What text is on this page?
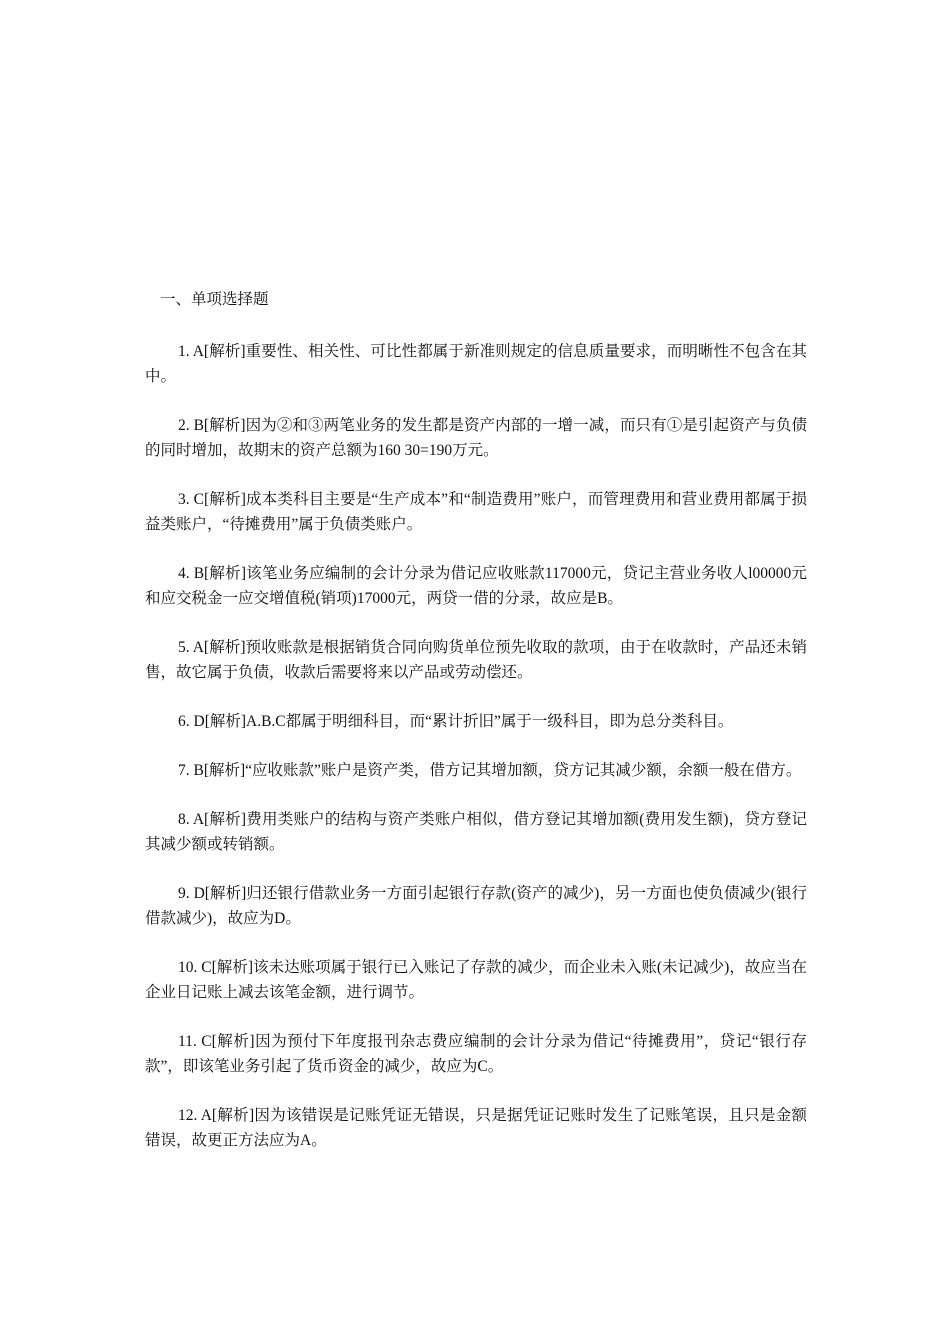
一、单项选择题
1. A[解析]重要性、相关性、可比性都属于新准则规定的信息质量要求，而明晰性不包含在其中。
2. B[解析]因为②和③两笔业务的发生都是资产内部的一增一减，而只有①是引起资产与负债的同时增加，故期末的资产总额为160 30=190万元。
3. C[解析]成本类科目主要是“生产成本”和“制造费用”账户，而管理费用和营业费用都属于损益类账户，“待摊费用”属于负债类账户。
4. B[解析]该笔业务应编制的会计分录为借记应收账款117000元，贷记主营业务收人l00000元和应交税金一应交增值税(销项)17000元，两贷一借的分录，故应是B。
5. A[解析]预收账款是根据销货合同向购货单位预先收取的款项，由于在收款时，产品还未销售，故它属于负债，收款后需要将来以产品或劳动偿还。
6. D[解析]A.B.C都属于明细科目，而“累计折旧”属于一级科目，即为总分类科目。
7. B[解析]“应收账款”账户是资产类，借方记其增加额，贷方记其减少额，余额一般在借方。
8. A[解析]费用类账户的结构与资产类账户相似，借方登记其增加额(费用发生额)，贷方登记其减少额或转销额。
9. D[解析]归还银行借款业务一方面引起银行存款(资产的减少)，另一方面也使负债减少(银行借款减少)，故应为D。
10. C[解析]该未达账项属于银行已入账记了存款的减少，而企业未入账(未记减少)，故应当在企业日记账上减去该笔金额，进行调节。
11. C[解析]因为预付下年度报刊杂志费应编制的会计分录为借记“待摊费用”，贷记“银行存款”，即该笔业务引起了货币资金的减少，故应为C。
12. A[解析]因为该错误是记账凭证无错误，只是据凭证记账时发生了记账笔误，且只是金额错误，故更正方法应为A。
